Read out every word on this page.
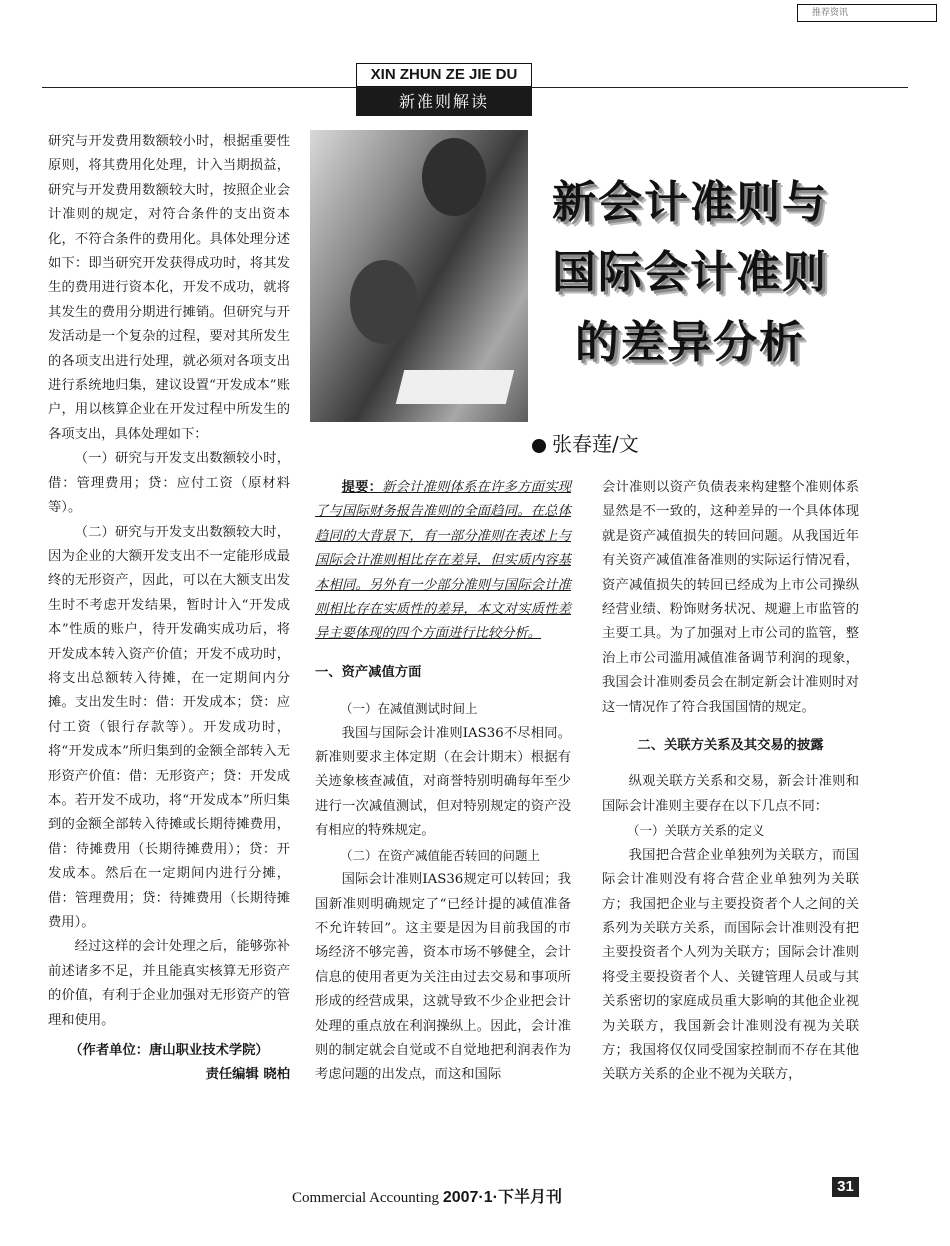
推荐资讯
XIN ZHUN ZE JIE DU
新准则解读

研究与开发费用数额较小时，根据重要性原则，将其费用化处理，计入当期损益，研究与开发费用数额较大时，按照企业会计准则的规定，对符合条件的支出资本化，不符合条件的费用化。具体处理分述如下：即当研究开发获得成功时，将其发生的费用进行资本化，开发不成功，就将其发生的费用分期进行摊销。但研究与开发活动是一个复杂的过程，要对其所发生的各项支出进行处理，就必须对各项支出进行系统地归集，建议设置“开发成本”账户，用以核算企业在开发过程中所发生的各项支出，具体处理如下：

（一）研究与开发支出数额较小时，借：管理费用；贷：应付工资（原材料等）。

（二）研究与开发支出数额较大时，因为企业的大额开发支出不一定能形成最终的无形资产，因此，可以在大额支出发生时不考虑开发结果，暂时计入“开发成本”性质的账户，待开发确实成功后，将开发成本转入资产价值；开发不成功时，将支出总额转入待摊，在一定期间内分摊。支出发生时：借：开发成本；贷：应付工资（银行存款等）。开发成功时，将“开发成本”所归集到的金额全部转入无形资产价值：借：无形资产；贷：开发成本。若开发不成功，将“开发成本”所归集到的金额全部转入待摊或长期待摊费用，借：待摊费用（长期待摊费用）；贷：开发成本。然后在一定期间内进行分摊，借：管理费用；贷：待摊费用（长期待摊费用）。

经过这样的会计处理之后，能够弥补前述诸多不足，并且能真实核算无形资产的价值，有利于企业加强对无形资产的管理和使用。

（作者单位：唐山职业技术学院）

责任编辑 晓柏

新会计准则与
国际会计准则
的差异分析
张春莲/文

提要：新会计准则体系在许多方面实现了与国际财务报告准则的全面趋同。在总体趋同的大背景下，有一部分准则在表述上与国际会计准则相比存在差异，但实质内容基本相同。另外有一少部分准则与国际会计准则相比存在实质性的差异，本文对实质性差异主要体现的四个方面进行比较分析。

一、资产减值方面

（一）在减值测试时间上

我国与国际会计准则IAS36不尽相同。新准则要求主体定期（在会计期末）根据有关迹象核查减值，对商誉特别明确每年至少进行一次减值测试，但对特别规定的资产没有相应的特殊规定。

（二）在资产减值能否转回的问题上

国际会计准则IAS36规定可以转回；我国新准则明确规定了“已经计提的减值准备不允许转回”。这主要是因为目前我国的市场经济不够完善，资本市场不够健全，会计信息的使用者更为关注由过去交易和事项所形成的经营成果，这就导致不少企业把会计处理的重点放在利润操纵上。因此，会计准则的制定就会自觉或不自觉地把利润表作为考虑问题的出发点，而这和国际

会计准则以资产负债表来构建整个准则体系显然是不一致的，这种差异的一个具体体现就是资产减值损失的转回问题。从我国近年有关资产减值准备准则的实际运行情况看，资产减值损失的转回已经成为上市公司操纵经营业绩、粉饰财务状况、规避上市监管的主要工具。为了加强对上市公司的监管，整治上市公司滥用减值准备调节利润的现象，我国会计准则委员会在制定新会计准则时对这一情况作了符合我国国情的规定。

二、关联方关系及其交易的披露

纵观关联方关系和交易，新会计准则和国际会计准则主要存在以下几点不同：

（一）关联方关系的定义

我国把合营企业单独列为关联方，而国际会计准则没有将合营企业单独列为关联方；我国把企业与主要投资者个人之间的关系列为关联方关系，而国际会计准则没有把主要投资者个人列为关联方；国际会计准则将受主要投资者个人、关键管理人员或与其关系密切的家庭成员重大影响的其他企业视为关联方，我国新会计准则没有视为关联方；我国将仅仅同受国家控制而不存在其他关联方关系的企业不视为关联方，

Commercial Accounting 2007·1·下半月刊
31
